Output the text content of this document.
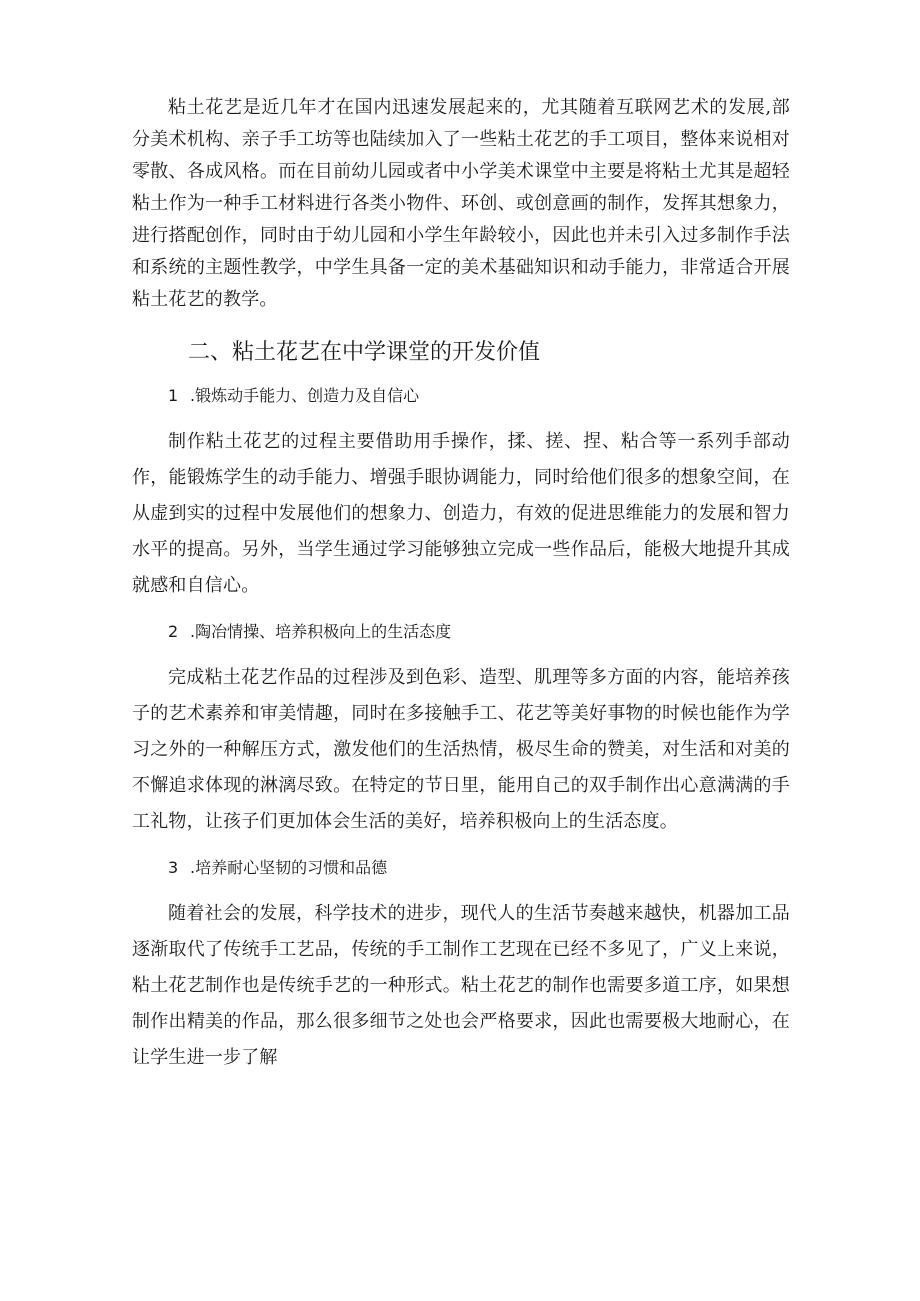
粘土花艺是近几年才在国内迅速发展起来的，尤其随着互联网艺术的发展,部分美术机构、亲子手工坊等也陆续加入了一些粘土花艺的手工项目，整体来说相对零散、各成风格。而在目前幼儿园或者中小学美术课堂中主要是将粘土尤其是超轻粘土作为一种手工材料进行各类小物件、环创、或创意画的制作，发挥其想象力，进行搭配创作，同时由于幼儿园和小学生年龄较小，因此也并未引入过多制作手法和系统的主题性教学，中学生具备一定的美术基础知识和动手能力，非常适合开展粘土花艺的教学。

二、粘土花艺在中学课堂的开发价值
1 .锻炼动手能力、创造力及自信心

制作粘土花艺的过程主要借助用手操作，揉、搓、捏、粘合等一系列手部动作，能锻炼学生的动手能力、增强手眼协调能力，同时给他们很多的想象空间，在从虚到实的过程中发展他们的想象力、创造力，有效的促进思维能力的发展和智力水平的提高。另外，当学生通过学习能够独立完成一些作品后，能极大地提升其成就感和自信心。

2 .陶冶情操、培养积极向上的生活态度

完成粘土花艺作品的过程涉及到色彩、造型、肌理等多方面的内容，能培养孩子的艺术素养和审美情趣，同时在多接触手工、花艺等美好事物的时候也能作为学习之外的一种解压方式，激发他们的生活热情，极尽生命的赞美，对生活和对美的不懈追求体现的淋漓尽致。在特定的节日里，能用自己的双手制作出心意满满的手工礼物，让孩子们更加体会生活的美好，培养积极向上的生活态度。

3 .培养耐心坚韧的习惯和品德

随着社会的发展，科学技术的进步，现代人的生活节奏越来越快，机器加工品逐渐取代了传统手工艺品，传统的手工制作工艺现在已经不多见了，广义上来说，粘土花艺制作也是传统手艺的一种形式。粘土花艺的制作也需要多道工序，如果想制作出精美的作品，那么很多细节之处也会严格要求，因此也需要极大地耐心，在让学生进一步了解
